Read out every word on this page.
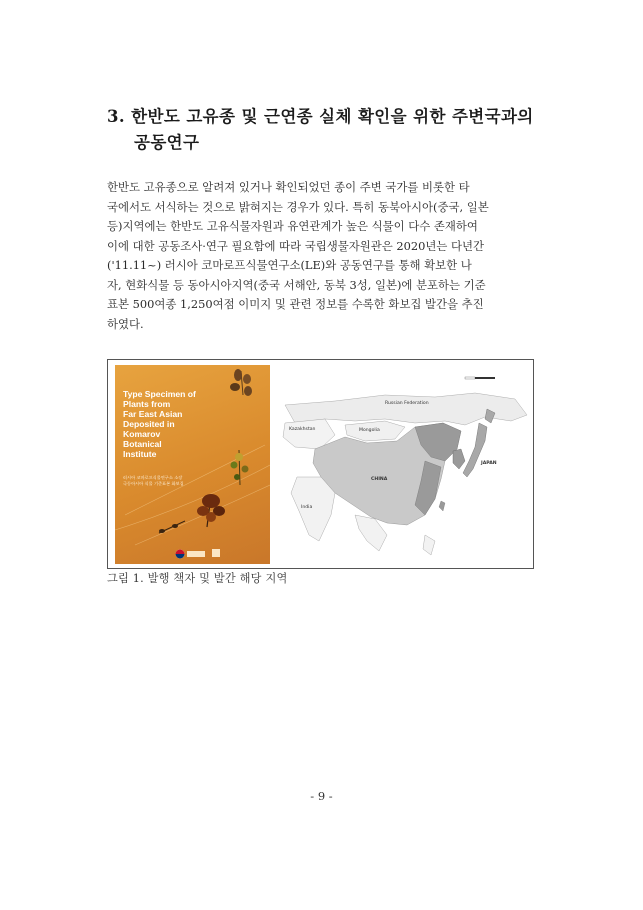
3. 한반도 고유종 및 근연종 실체 확인을 위한 주변국과의
공동연구
한반도 고유종으로 알려져 있거나 확인되었던 종이 주변 국가를 비롯한 타
국에서도 서식하는 것으로 밝혀지는 경우가 있다. 특히 동북아시아(중국, 일본
등)지역에는 한반도 고유식물자원과 유연관계가 높은 식물이 다수 존재하여
이에 대한 공동조사·연구 필요함에 따라 국립생물자원관은 2020년는 다년간
('11.11~) 러시아 코마로프식물연구소(LE)와 공동연구를 통해 확보한 나
자, 현화식물 등 동아시아지역(중국 서해안, 동북 3성, 일본)에 분포하는 기준
표본 500여종 1,250여점 이미지 및 관련 정보를 수록한 화보집 발간을 추진
하였다.
Type Specimen of
Plants from
Far East Asian
Deposited in
Komarov
Botanical
Institute
러시아 코마로프식물연구소 소장
극동아시아 식물 기준표본 화보집
Russian Federation
Kazakhstan	Mongolia
CHINA
JAPAN
India
그림 1. 발행 책자 및 발간 해당 지역
- 9 -
